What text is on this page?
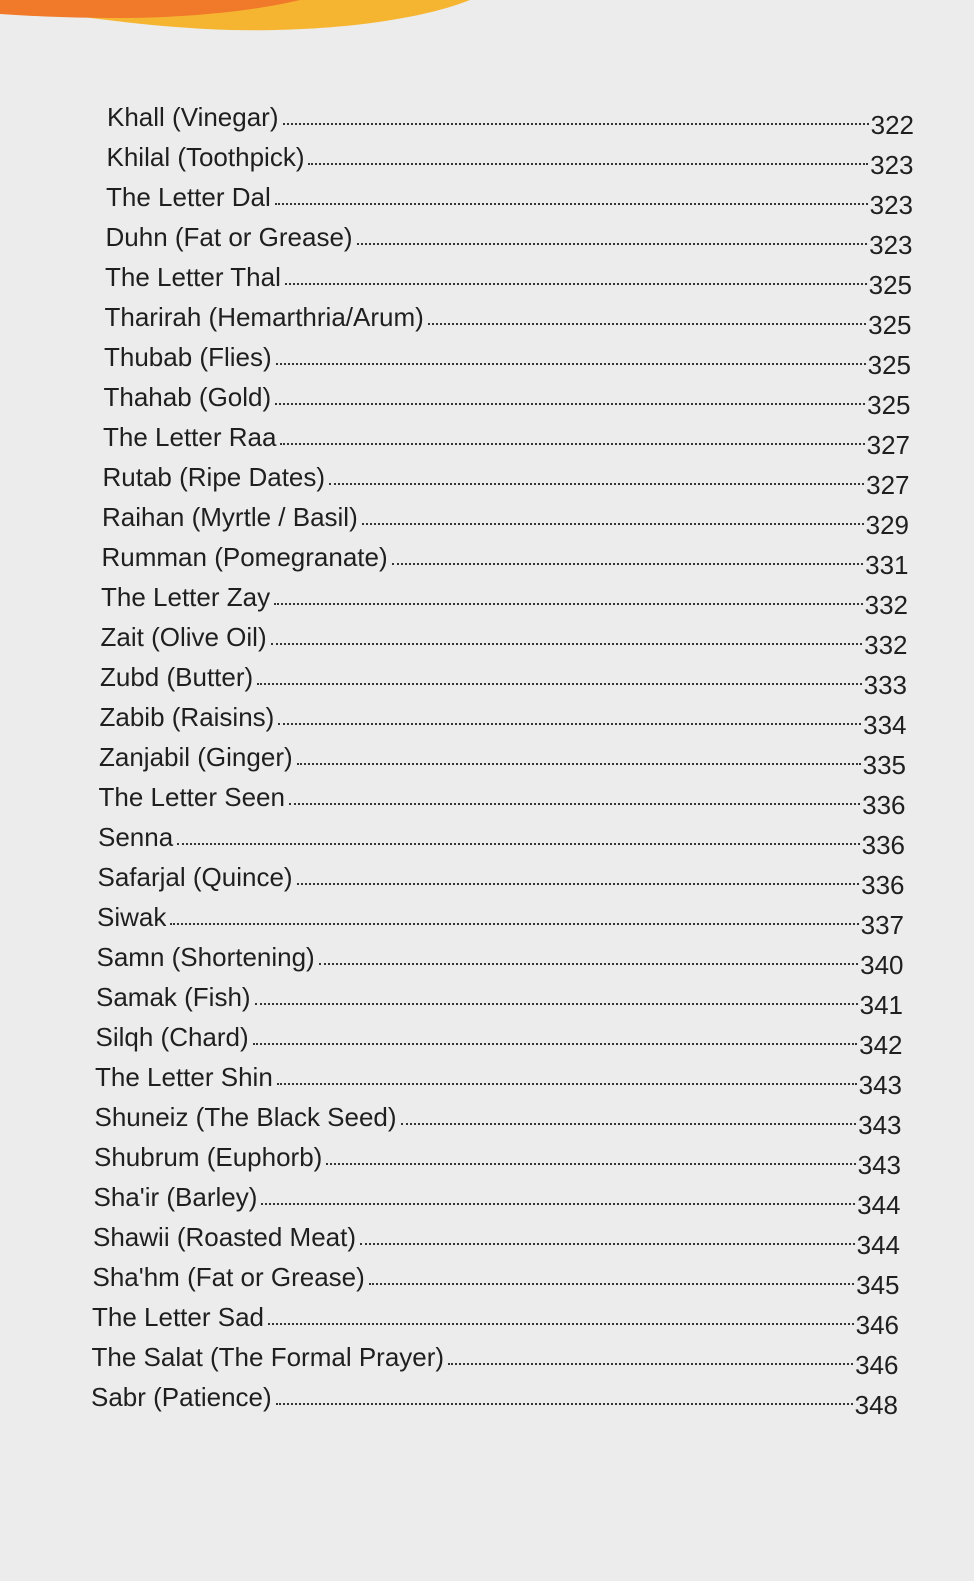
Khall (Vinegar)	322
Khilal (Toothpick)	323
The Letter Dal	323
Duhn (Fat or Grease)	323
The Letter Thal	325
Tharirah (Hemarthria/Arum)	325
Thubab (Flies)	325
Thahab (Gold)	325
The Letter Raa	327
Rutab (Ripe Dates)	327
Raihan (Myrtle / Basil)	329
Rumman (Pomegranate)	331
The Letter Zay	332
Zait (Olive Oil)	332
Zubd (Butter)	333
Zabib (Raisins)	334
Zanjabil (Ginger)	335
The Letter Seen	336
Senna	336
Safarjal (Quince)	336
Siwak	337
Samn (Shortening)	340
Samak (Fish)	341
Silqh (Chard)	342
The Letter Shin	343
Shuneiz (The Black Seed)	343
Shubrum (Euphorb)	343
Sha'ir (Barley)	344
Shawii (Roasted Meat)	344
Sha'hm (Fat or Grease)	345
The Letter Sad	346
The Salat (The Formal Prayer)	346
Sabr (Patience)	348
